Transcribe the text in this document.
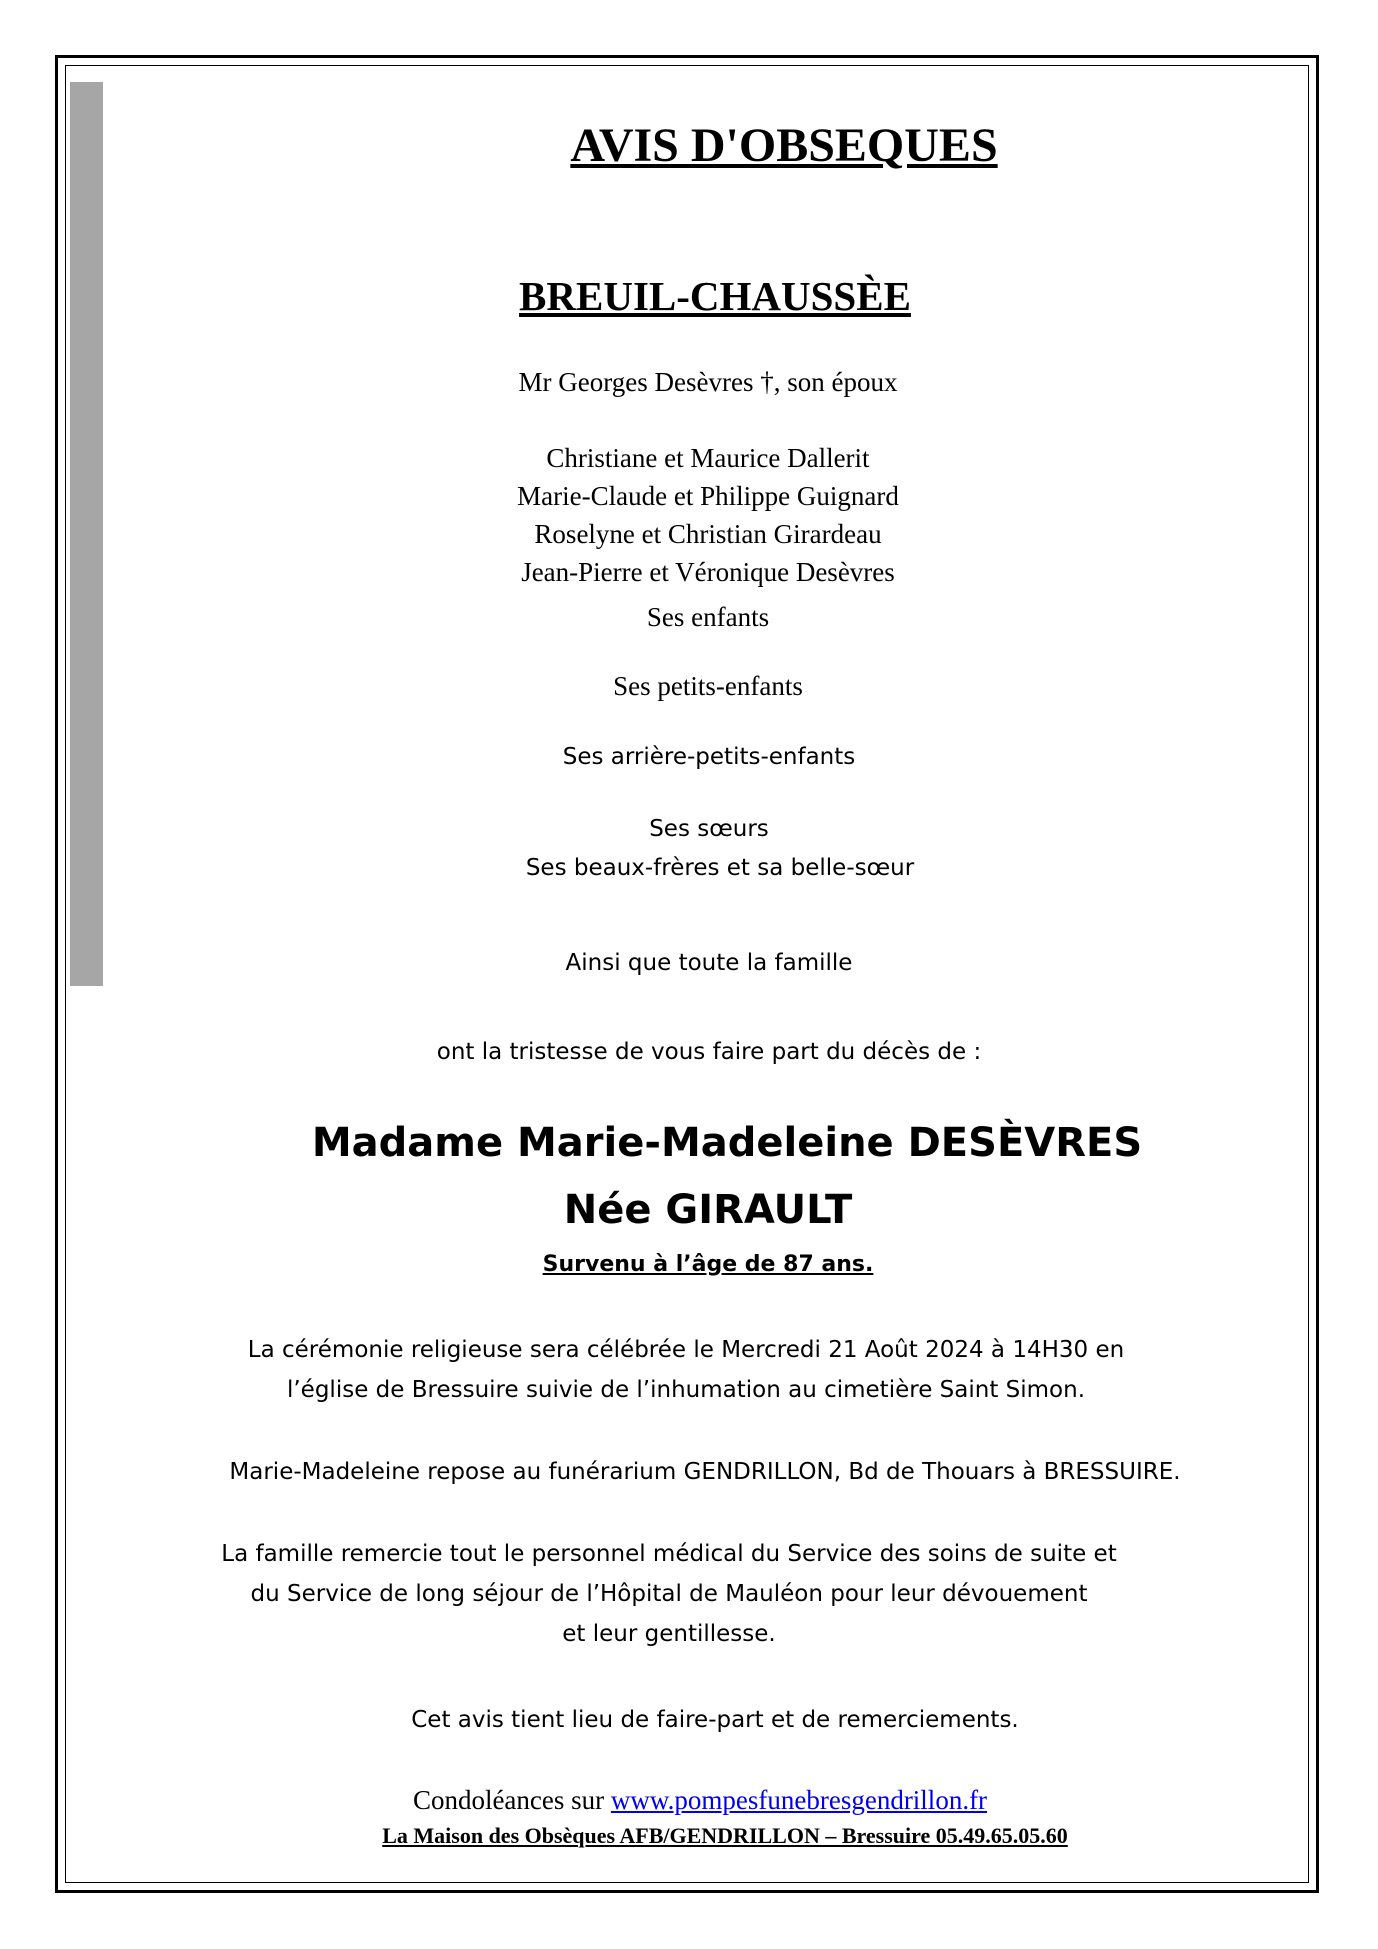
AVIS D'OBSEQUES
BREUIL-CHAUSSÈE
Mr Georges Desèvres †, son époux
Christiane et Maurice Dallerit
Marie-Claude et Philippe Guignard
Roselyne et Christian Girardeau
Jean-Pierre et Véronique Desèvres
Ses enfants
Ses petits-enfants
Ses arrière-petits-enfants
Ses sœurs
Ses beaux-frères et sa belle-sœur
Ainsi que toute la famille
ont la tristesse de vous faire part du décès de :
Madame Marie-Madeleine DESÈVRES
Née GIRAULT
Survenu à l’âge de 87 ans.
La cérémonie religieuse sera célébrée le Mercredi 21 Août 2024 à 14H30 en
l’église de Bressuire suivie de l’inhumation au cimetière Saint Simon.
Marie-Madeleine repose au funérarium GENDRILLON, Bd de Thouars à BRESSUIRE.
La famille remercie tout le personnel médical du Service des soins de suite et
du Service de long séjour de l’Hôpital de Mauléon pour leur dévouement
et leur gentillesse.
Cet avis tient lieu de faire-part et de remerciements.
Condoléances sur www.pompesfunebresgendrillon.fr
La Maison des Obsèques AFB/GENDRILLON – Bressuire 05.49.65.05.60
